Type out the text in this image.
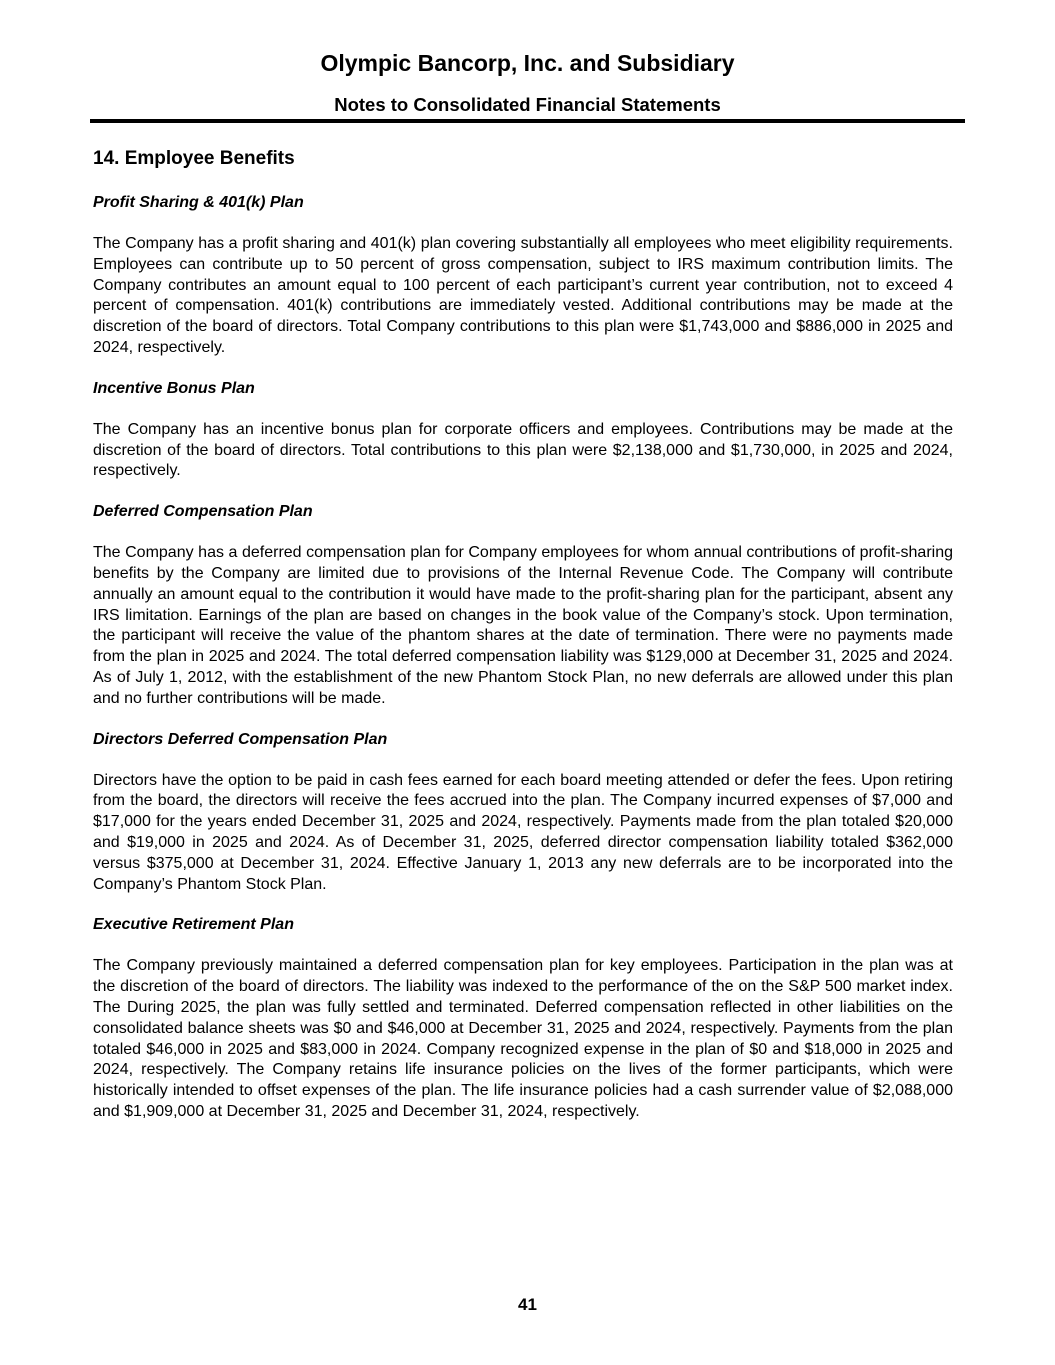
Olympic Bancorp, Inc. and Subsidiary
Notes to Consolidated Financial Statements
14. Employee Benefits
Profit Sharing & 401(k) Plan

The Company has a profit sharing and 401(k) plan covering substantially all employees who meet eligibility requirements. Employees can contribute up to 50 percent of gross compensation, subject to IRS maximum contribution limits. The Company contributes an amount equal to 100 percent of each participant’s current year contribution, not to exceed 4 percent of compensation. 401(k) contributions are immediately vested. Additional contributions may be made at the discretion of the board of directors. Total Company contributions to this plan were $1,743,000 and $886,000 in 2025 and 2024, respectively.

Incentive Bonus Plan

The Company has an incentive bonus plan for corporate officers and employees. Contributions may be made at the discretion of the board of directors. Total contributions to this plan were $2,138,000 and $1,730,000, in 2025 and 2024, respectively.

Deferred Compensation Plan

The Company has a deferred compensation plan for Company employees for whom annual contributions of profit-sharing benefits by the Company are limited due to provisions of the Internal Revenue Code. The Company will contribute annually an amount equal to the contribution it would have made to the profit-sharing plan for the participant, absent any IRS limitation. Earnings of the plan are based on changes in the book value of the Company’s stock. Upon termination, the participant will receive the value of the phantom shares at the date of termination. There were no payments made from the plan in 2025 and 2024. The total deferred compensation liability was $129,000 at December 31, 2025 and 2024. As of July 1, 2012, with the establishment of the new Phantom Stock Plan, no new deferrals are allowed under this plan and no further contributions will be made.

Directors Deferred Compensation Plan

Directors have the option to be paid in cash fees earned for each board meeting attended or defer the fees. Upon retiring from the board, the directors will receive the fees accrued into the plan. The Company incurred expenses of $7,000 and $17,000 for the years ended December 31, 2025 and 2024, respectively. Payments made from the plan totaled $20,000 and $19,000 in 2025 and 2024. As of December 31, 2025, deferred director compensation liability totaled $362,000 versus $375,000 at December 31, 2024. Effective January 1, 2013 any new deferrals are to be incorporated into the Company’s Phantom Stock Plan.

Executive Retirement Plan

The Company previously maintained a deferred compensation plan for key employees. Participation in the plan was at the discretion of the board of directors. The liability was indexed to the performance of the on the S&P 500 market index. The During 2025, the plan was fully settled and terminated. Deferred compensation reflected in other liabilities on the consolidated balance sheets was $0 and $46,000 at December 31, 2025 and 2024, respectively. Payments from the plan totaled $46,000 in 2025 and $83,000 in 2024. Company recognized expense in the plan of $0 and $18,000 in 2025 and 2024, respectively. The Company retains life insurance policies on the lives of the former participants, which were historically intended to offset expenses of the plan. The life insurance policies had a cash surrender value of $2,088,000 and $1,909,000 at December 31, 2025 and December 31, 2024, respectively.

41
